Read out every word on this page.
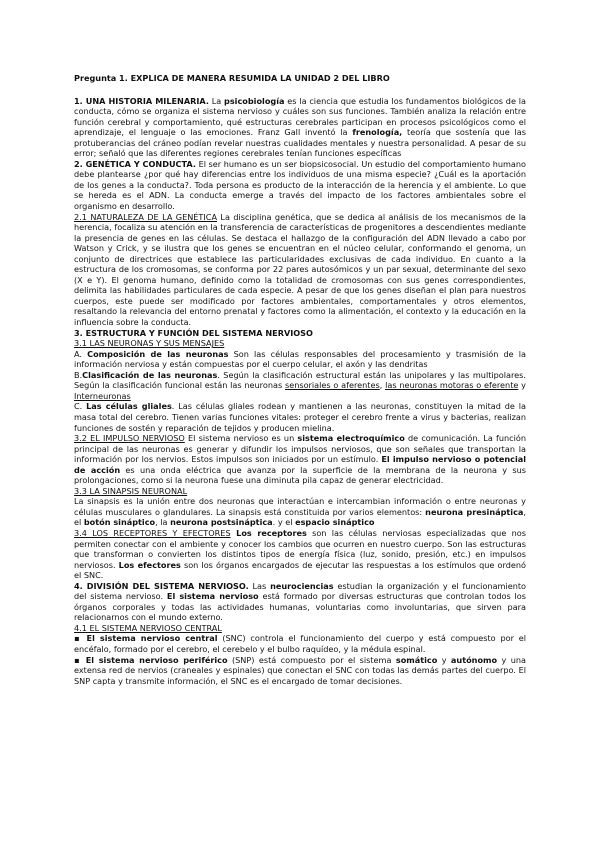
Pregunta 1. EXPLICA DE MANERA RESUMIDA LA UNIDAD 2 DEL LIBRO

1. UNA HISTORIA MILENARIA. La psicobiología es la ciencia que estudia los fundamentos biológicos de la conducta, cómo se organiza el sistema nervioso y cuáles son sus funciones. También analiza la relación entre función cerebral y comportamiento, qué estructuras cerebrales participan en procesos psicológicos como el aprendizaje, el lenguaje o las emociones. Franz Gall inventó la frenología, teoría que sostenía que las protuberancias del cráneo podían revelar nuestras cualidades mentales y nuestra personalidad. A pesar de su error; señaló que las diferentes regiones cerebrales tenían funciones específicas

2. GENÉTICA Y CONDUCTA. El ser humano es un ser biopsicosocial. Un estudio del comportamiento humano debe plantearse ¿por qué hay diferencias entre los individuos de una misma especie? ¿Cuál es la aportación de los genes a la conducta?. Toda persona es producto de la interacción de la herencia y el ambiente. Lo que se hereda es el ADN. La conducta emerge a través del impacto de los factores ambientales sobre el organismo en desarrollo.

2.1 NATURALEZA DE LA GENÉTICA La disciplina genética, que se dedica al análisis de los mecanismos de la herencia, focaliza su atención en la transferencia de características de progenitores a descendientes mediante la presencia de genes en las células. Se destaca el hallazgo de la configuración del ADN llevado a cabo por Watson y Crick, y se ilustra que los genes se encuentran en el núcleo celular, conformando el genoma, un conjunto de directrices que establece las particularidades exclusivas de cada individuo. En cuanto a la estructura de los cromosomas, se conforma por 22 pares autosómicos y un par sexual, determinante del sexo (X e Y). El genoma humano, definido como la totalidad de cromosomas con sus genes correspondientes, delimita las habilidades particulares de cada especie. A pesar de que los genes diseñan el plan para nuestros cuerpos, este puede ser modificado por factores ambientales, comportamentales y otros elementos, resaltando la relevancia del entorno prenatal y factores como la alimentación, el contexto y la educación en la influencia sobre la conducta.

3. ESTRUCTURA Y FUNCIÓN DEL SISTEMA NERVIOSO

3.1 LAS NEURONAS Y SUS MENSAJES

A. Composición de las neuronas Son las células responsables del procesamiento y trasmisión de la información nerviosa y están compuestas por el cuerpo celular, el axón y las dendritas

B.Clasificación de las neuronas. Según la clasificación estructural están las unipolares y las multipolares. Según la clasificación funcional están las neuronas sensoriales o aferentes, las neuronas motoras o eferente y Interneuronas

C. Las células gliales. Las células gliales rodean y mantienen a las neuronas, constituyen la mitad de la masa total del cerebro. Tienen varias funciones vitales: proteger el cerebro frente a virus y bacterias, realizan funciones de sostén y reparación de tejidos y producen mielina.

3.2 EL IMPULSO NERVIOSO El sistema nervioso es un sistema electroquímico de comunicación. La función principal de las neuronas es generar y difundir los impulsos nerviosos, que son señales que transportan la información por los nervios. Estos impulsos son iniciados por un estímulo. El impulso nervioso o potencial de acción es una onda eléctrica que avanza por la superficie de la membrana de la neurona y sus prolongaciones, como si la neurona fuese una diminuta pila capaz de generar electricidad.

3.3 LA SINAPSIS NEURONAL

La sinapsis es la unión entre dos neuronas que interactúan e intercambian información o entre neuronas y células musculares o glandulares. La sinapsis está constituida por varios elementos: neurona presináptica, el botón sináptico, la neurona postsináptica. y el espacio sináptico

3.4 LOS RECEPTORES Y EFECTORES Los receptores son las células nerviosas especializadas que nos permiten conectar con el ambiente y conocer los cambios que ocurren en nuestro cuerpo. Son las estructuras que transforman o convierten los distintos tipos de energía física (luz, sonido, presión, etc.) en impulsos nerviosos. Los efectores son los órganos encargados de ejecutar las respuestas a los estímulos que ordenó el SNC.

4. DIVISIÓN DEL SISTEMA NERVIOSO. Las neurociencias estudian la organización y el funcionamiento del sistema nervioso. El sistema nervioso está formado por diversas estructuras que controlan todos los órganos corporales y todas las actividades humanas, voluntarias como involuntarias, que sirven para relacionarnos con el mundo externo.

4.1 EL SISTEMA NERVIOSO CENTRAL

▪ El sistema nervioso central (SNC) controla el funcionamiento del cuerpo y está compuesto por el encéfalo, formado por el cerebro, el cerebelo y el bulbo raquídeo, y la médula espinal.

▪ El sistema nervioso periférico (SNP) está compuesto por el sistema somático y autónomo y una extensa red de nervios (craneales y espinales) que conectan el SNC con todas las demás partes del cuerpo. El SNP capta y transmite información, el SNC es el encargado de tomar decisiones.
